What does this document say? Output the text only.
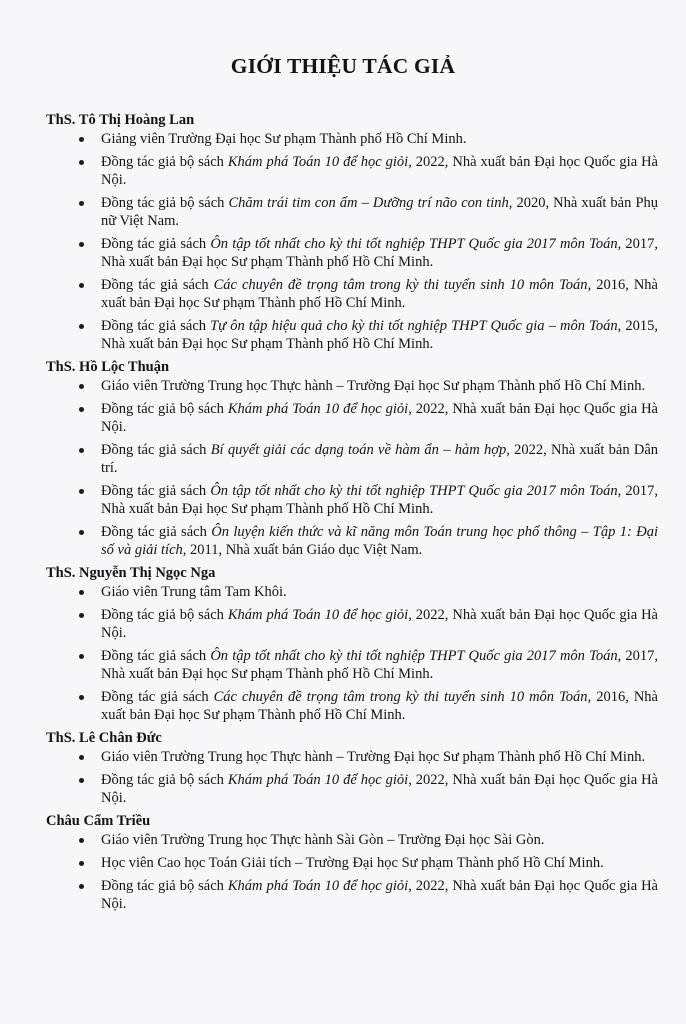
GIỚI THIỆU TÁC GIẢ
ThS. Tô Thị Hoàng Lan
Giảng viên Trường Đại học Sư phạm Thành phố Hồ Chí Minh.
Đồng tác giả bộ sách Khám phá Toán 10 để học giỏi, 2022, Nhà xuất bản Đại học Quốc gia Hà Nội.
Đồng tác giả bộ sách Chăm trái tim con ấm – Dưỡng trí não con tinh, 2020, Nhà xuất bản Phụ nữ Việt Nam.
Đồng tác giả sách Ôn tập tốt nhất cho kỳ thi tốt nghiệp THPT Quốc gia 2017 môn Toán, 2017, Nhà xuất bản Đại học Sư phạm Thành phố Hồ Chí Minh.
Đồng tác giả sách Các chuyên đề trọng tâm trong kỳ thi tuyển sinh 10 môn Toán, 2016, Nhà xuất bản Đại học Sư phạm Thành phố Hồ Chí Minh.
Đồng tác giả sách Tự ôn tập hiệu quả cho kỳ thi tốt nghiệp THPT Quốc gia – môn Toán, 2015, Nhà xuất bản Đại học Sư phạm Thành phố Hồ Chí Minh.
ThS. Hồ Lộc Thuận
Giáo viên Trường Trung học Thực hành – Trường Đại học Sư phạm Thành phố Hồ Chí Minh.
Đồng tác giả bộ sách Khám phá Toán 10 để học giỏi, 2022, Nhà xuất bản Đại học Quốc gia Hà Nội.
Đồng tác giả sách Bí quyết giải các dạng toán về hàm ẩn – hàm hợp, 2022, Nhà xuất bản Dân trí.
Đồng tác giả sách Ôn tập tốt nhất cho kỳ thi tốt nghiệp THPT Quốc gia 2017 môn Toán, 2017, Nhà xuất bản Đại học Sư phạm Thành phố Hồ Chí Minh.
Đồng tác giả sách Ôn luyện kiến thức và kĩ năng môn Toán trung học phổ thông – Tập 1: Đại số và giải tích, 2011, Nhà xuất bản Giáo dục Việt Nam.
ThS. Nguyễn Thị Ngọc Nga
Giáo viên Trung tâm Tam Khôi.
Đồng tác giả bộ sách Khám phá Toán 10 để học giỏi, 2022, Nhà xuất bản Đại học Quốc gia Hà Nội.
Đồng tác giả sách Ôn tập tốt nhất cho kỳ thi tốt nghiệp THPT Quốc gia 2017 môn Toán, 2017, Nhà xuất bản Đại học Sư phạm Thành phố Hồ Chí Minh.
Đồng tác giả sách Các chuyên đề trọng tâm trong kỳ thi tuyển sinh 10 môn Toán, 2016, Nhà xuất bản Đại học Sư phạm Thành phố Hồ Chí Minh.
ThS. Lê Chân Đức
Giáo viên Trường Trung học Thực hành – Trường Đại học Sư phạm Thành phố Hồ Chí Minh.
Đồng tác giả bộ sách Khám phá Toán 10 để học giỏi, 2022, Nhà xuất bản Đại học Quốc gia Hà Nội.
Châu Cẩm Triều
Giáo viên Trường Trung học Thực hành Sài Gòn – Trường Đại học Sài Gòn.
Học viên Cao học Toán Giải tích – Trường Đại học Sư phạm Thành phố Hồ Chí Minh.
Đồng tác giả bộ sách Khám phá Toán 10 để học giỏi, 2022, Nhà xuất bản Đại học Quốc gia Hà Nội.
